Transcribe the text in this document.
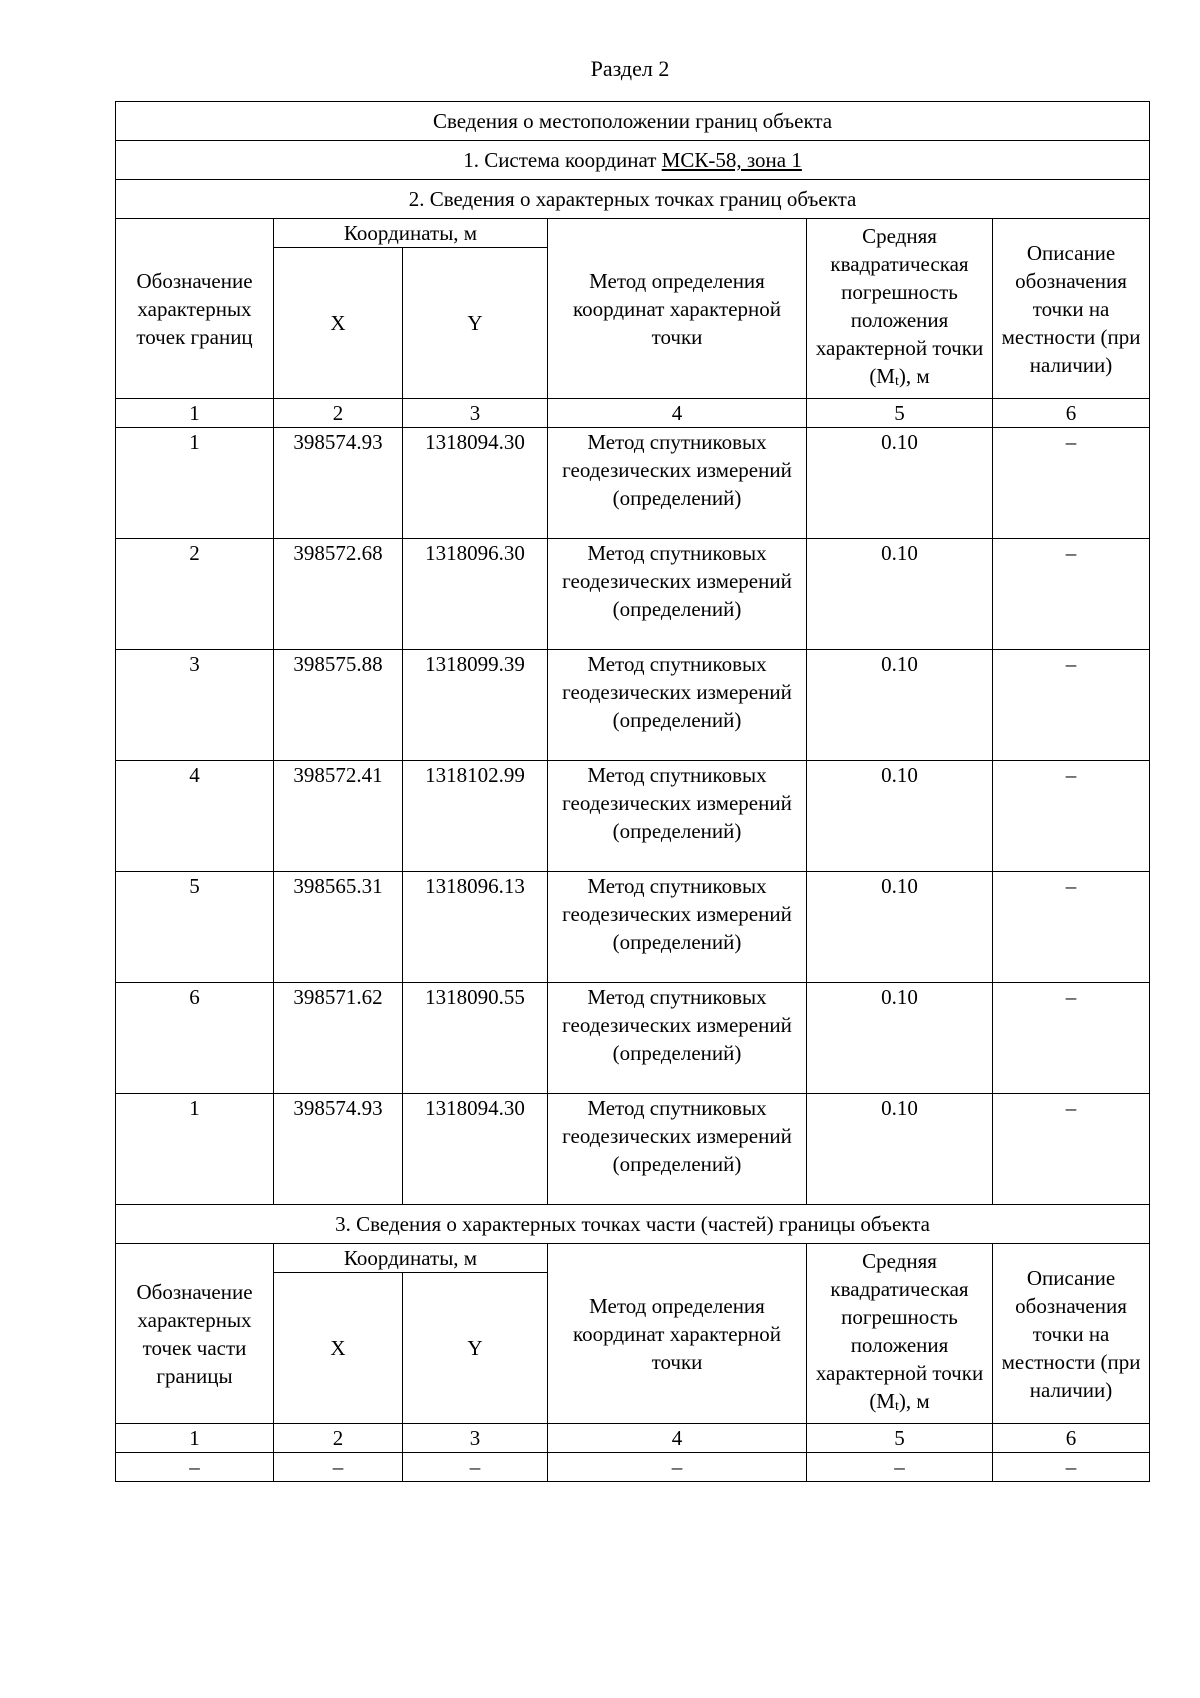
Раздел 2
Сведения о местоположении границ объекта					
1. Система координат МСК-58, зона 1					
2. Сведения о характерных точках границ объекта					
Обозначение характерных точек границ	Координаты, м		Метод определения координат характерной точки	Средняя квадратическая погрешность положения характерной точки (Mt), м	Описание обозначения точки на местности (при наличии)
	X	Y			
1	2	3	4	5	6
1	398574.93	1318094.30	Метод спутниковых геодезических измерений (определений)	0.10	–
2	398572.68	1318096.30	Метод спутниковых геодезических измерений (определений)	0.10	–
3	398575.88	1318099.39	Метод спутниковых геодезических измерений (определений)	0.10	–
4	398572.41	1318102.99	Метод спутниковых геодезических измерений (определений)	0.10	–
5	398565.31	1318096.13	Метод спутниковых геодезических измерений (определений)	0.10	–
6	398571.62	1318090.55	Метод спутниковых геодезических измерений (определений)	0.10	–
1	398574.93	1318094.30	Метод спутниковых геодезических измерений (определений)	0.10	–
3. Сведения о характерных точках части (частей) границы объекта					
Обозначение характерных точек части границы	Координаты, м		Метод определения координат характерной точки	Средняя квадратическая погрешность положения характерной точки (Mt), м	Описание обозначения точки на местности (при наличии)
	X	Y			
1	2	3	4	5	6
–	–	–	–	–	–
